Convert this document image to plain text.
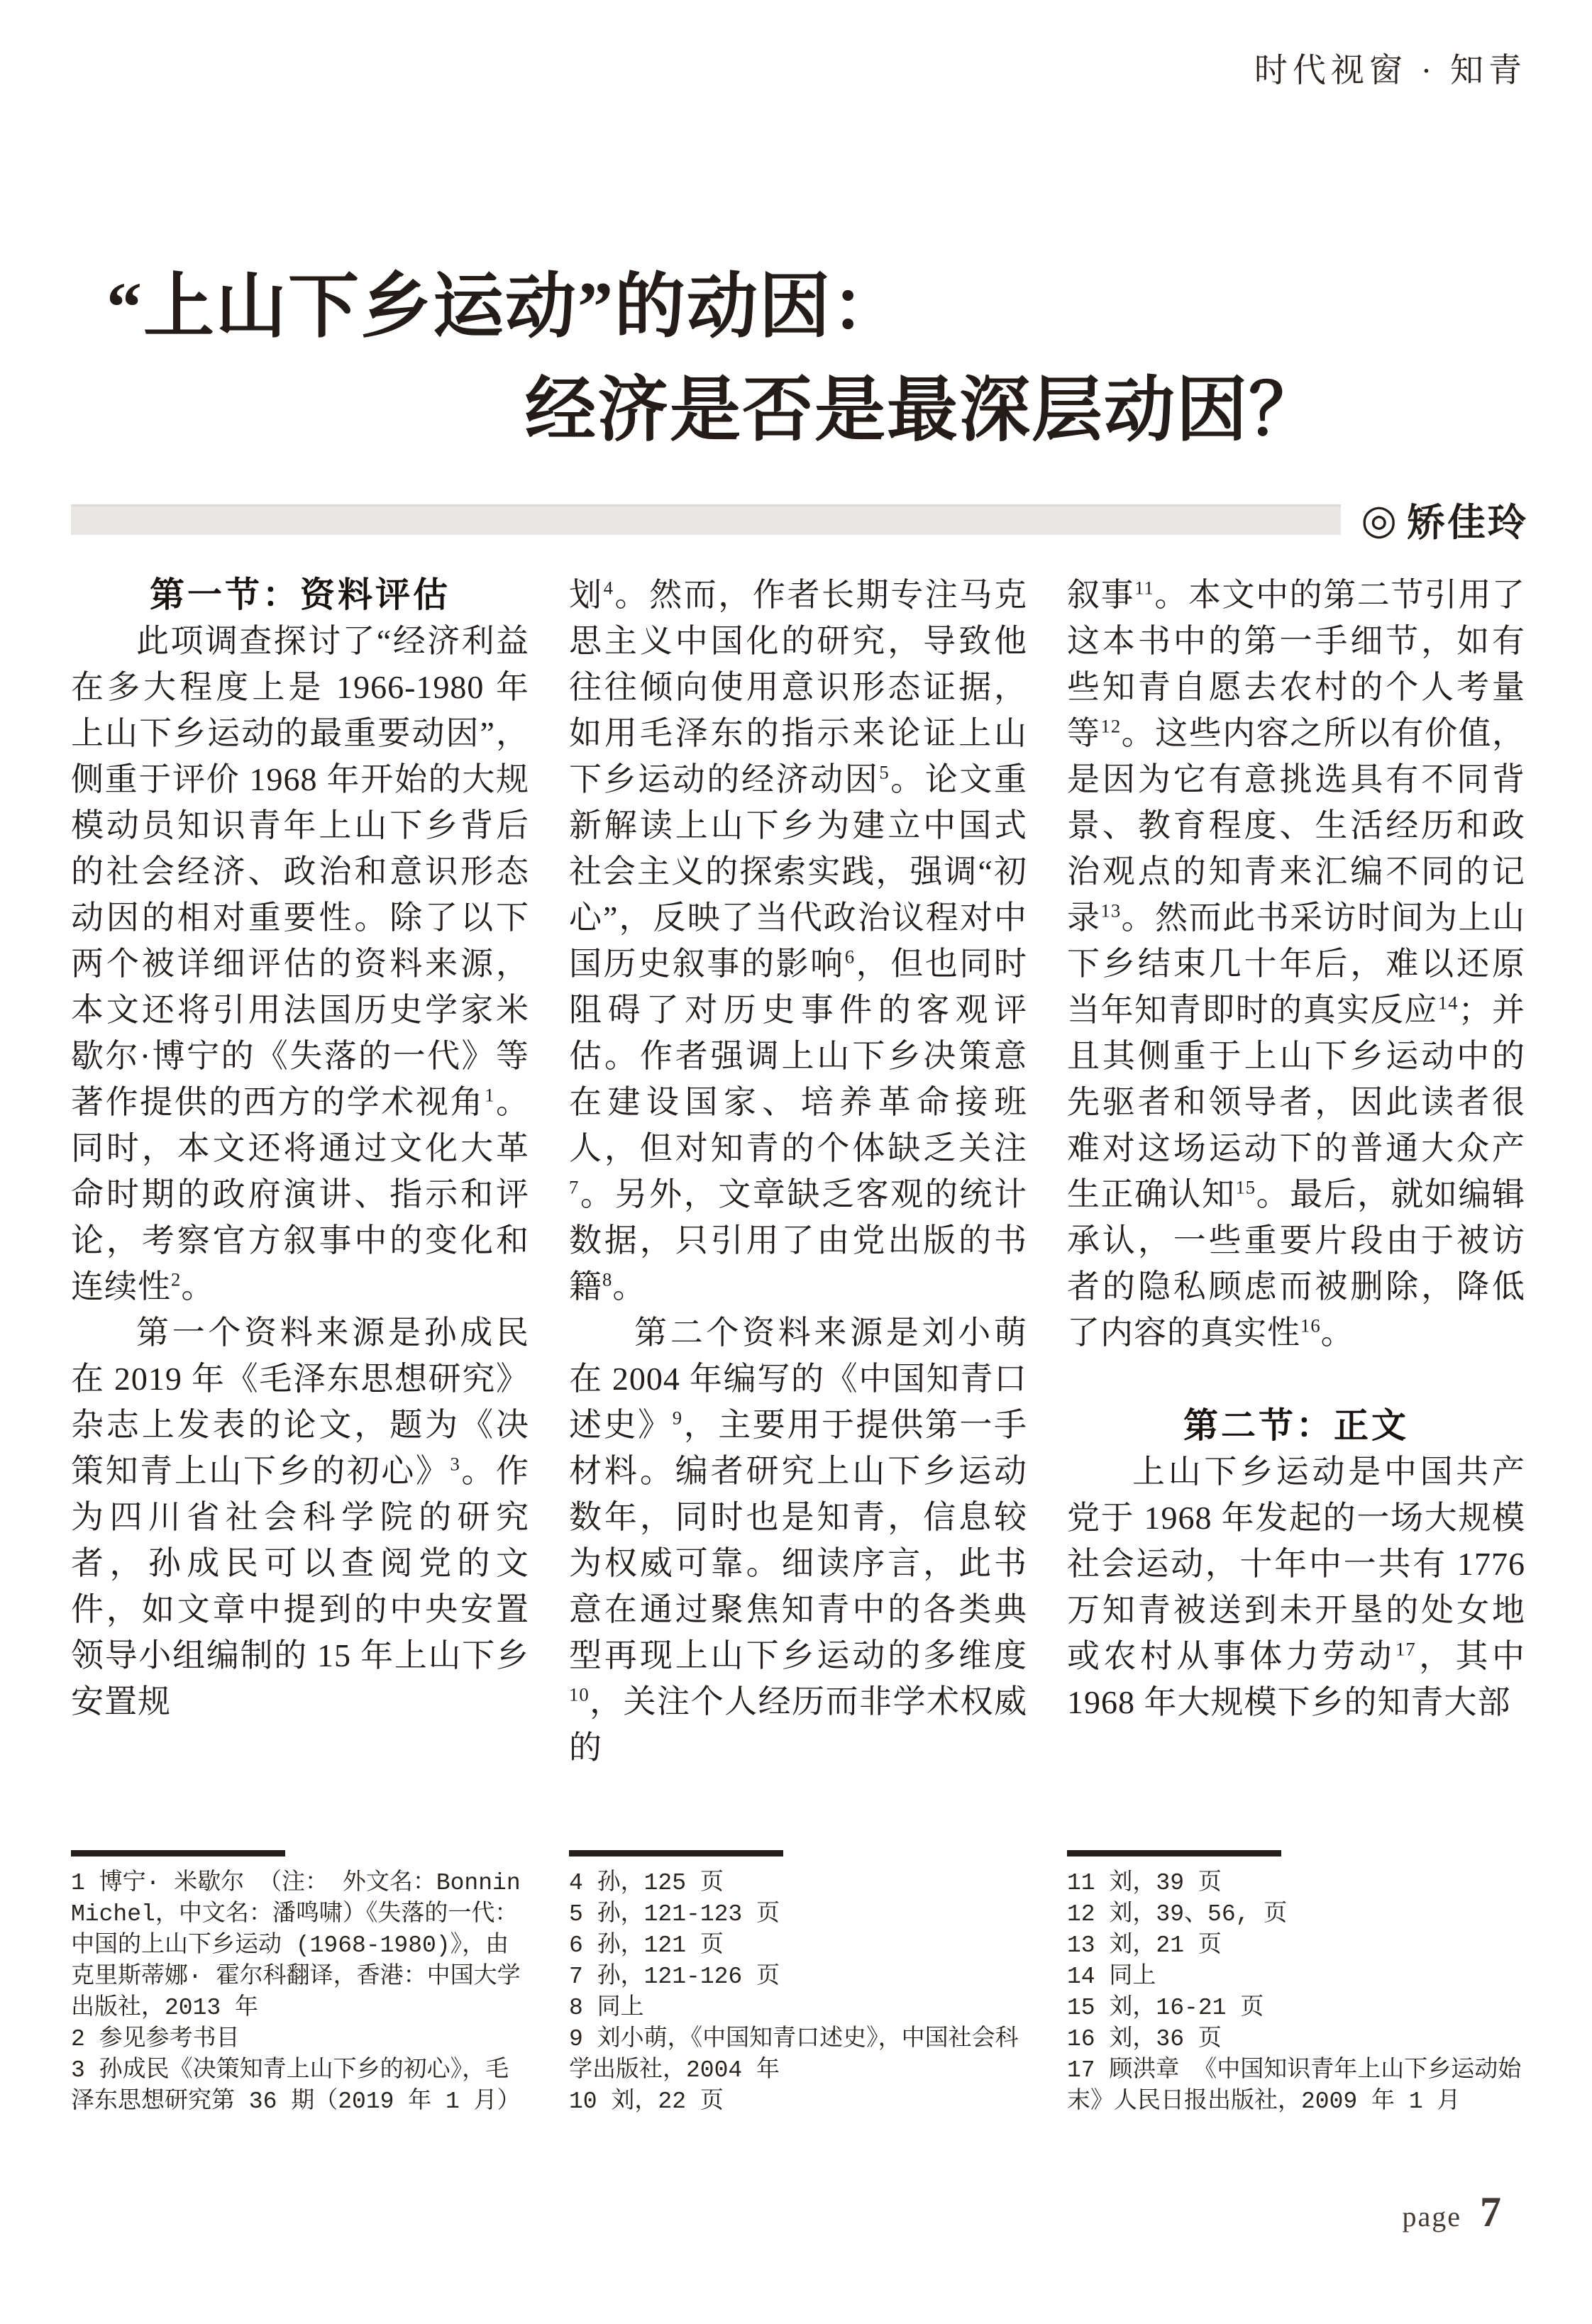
时代视窗 · 知青
“上山下乡运动”的动因：
经济是否是最深层动因？
◎ 矫佳玲
第一节：资料评估

此项调查探讨了“经济利益在多大程度上是 1966-1980 年上山下乡运动的最重要动因”，侧重于评价 1968 年开始的大规模动员知识青年上山下乡背后的社会经济、政治和意识形态动因的相对重要性。除了以下两个被详细评估的资料来源，本文还将引用法国历史学家米歇尔·博宁的《失落的一代》等著作提供的西方的学术视角$^1$。同时，本文还将通过文化大革命时期的政府演讲、指示和评论，考察官方叙事中的变化和连续性$^2$。

第一个资料来源是孙成民在 2019 年《毛泽东思想研究》杂志上发表的论文，题为《决策知青上山下乡的初心》$^3$。作为四川省社会科学院的研究者，孙成民可以查阅党的文件，如文章中提到的中央安置领导小组编制的 15 年上山下乡安置规

划$^4$。然而，作者长期专注马克思主义中国化的研究，导致他往往倾向使用意识形态证据，如用毛泽东的指示来论证上山下乡运动的经济动因$^5$。论文重新解读上山下乡为建立中国式社会主义的探索实践，强调“初心”，反映了当代政治议程对中国历史叙事的影响$^6$，但也同时阻碍了对历史事件的客观评估。作者强调上山下乡决策意在建设国家、培养革命接班人，但对知青的个体缺乏关注$^7$。另外，文章缺乏客观的统计数据，只引用了由党出版的书籍$^8$。

第二个资料来源是刘小萌在 2004 年编写的《中国知青口述史》$^9$，主要用于提供第一手材料。编者研究上山下乡运动数年，同时也是知青，信息较为权威可靠。细读序言，此书意在通过聚焦知青中的各类典型再现上山下乡运动的多维度$^{10}$，关注个人经历而非学术权威的

叙事$^{11}$。本文中的第二节引用了这本书中的第一手细节，如有些知青自愿去农村的个人考量等$^{12}$。这些内容之所以有价值，是因为它有意挑选具有不同背景、教育程度、生活经历和政治观点的知青来汇编不同的记录$^{13}$。然而此书采访时间为上山下乡结束几十年后，难以还原当年知青即时的真实反应$^{14}$；并且其侧重于上山下乡运动中的先驱者和领导者，因此读者很难对这场运动下的普通大众产生正确认知$^{15}$。最后，就如编辑承认，一些重要片段由于被访者的隐私顾虑而被删除，降低了内容的真实性$^{16}$。

第二节：正文

上山下乡运动是中国共产党于 1968 年发起的一场大规模社会运动，十年中一共有 1776 万知青被送到未开垦的处女地或农村从事体力劳动$^{17}$，其中 1968 年大规模下乡的知青大部

1 博宁· 米歇尔 （注： 外文名：Bonnin Michel，中文名：潘鸣啸）《失落的一代：中国的上山下乡运动 (1968-1980)》，由克里斯蒂娜· 霍尔科翻译，香港：中国大学出版社，2013 年

2 参见参考书目

3 孙成民《决策知青上山下乡的初心》，毛泽东思想研究第 36 期（2019 年 1 月）

4 孙，125 页

5 孙，121-123 页

6 孙，121 页

7 孙，121-126 页

8 同上

9 刘小萌，《中国知青口述史》，中国社会科学出版社，2004 年

10 刘，22 页

11 刘，39 页

12 刘，39、56, 页

13 刘，21 页

14 同上

15 刘，16-21 页

16 刘，36 页

17 顾洪章 《中国知识青年上山下乡运动始末》人民日报出版社，2009 年 1 月

page 7
